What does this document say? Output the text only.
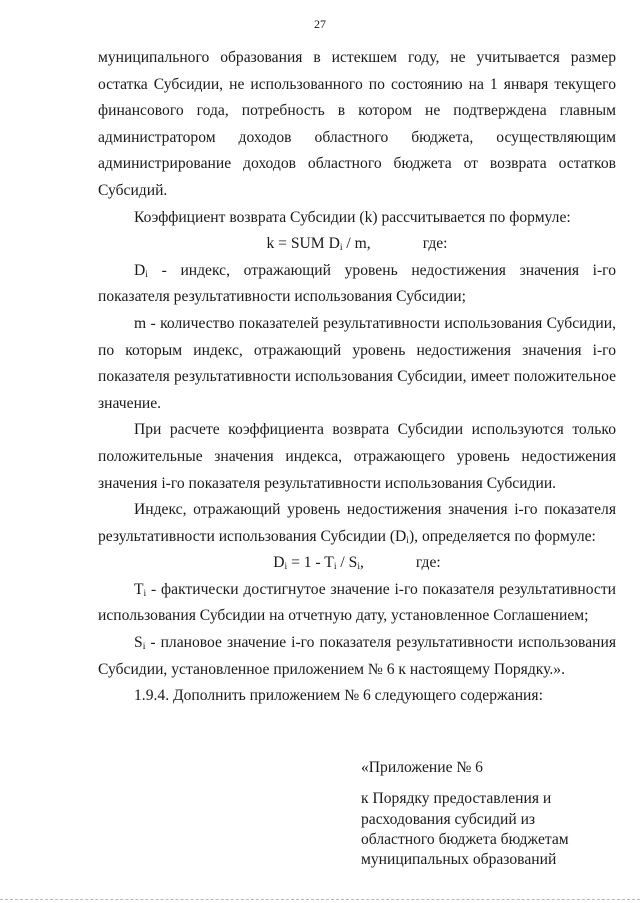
27

муниципального образования в истекшем году, не учитывается размер остатка Субсидии, не использованного по состоянию на 1 января текущего финансового года, потребность в котором не подтверждена главным администратором доходов областного бюджета, осуществляющим администрирование доходов областного бюджета от возврата остатков Субсидий.

Коэффициент возврата Субсидии (k) рассчитывается по формуле:

k = SUM $D_i$ / m,	где:

$D_i$ - индекс, отражающий уровень недостижения значения i-го показателя результативности использования Субсидии;

m - количество показателей результативности использования Субсидии, по которым индекс, отражающий уровень недостижения значения i-го показателя результативности использования Субсидии, имеет положительное значение.

При расчете коэффициента возврата Субсидии используются только положительные значения индекса, отражающего уровень недостижения значения i-го показателя результативности использования Субсидии.

Индекс, отражающий уровень недостижения значения i-го показателя результативности использования Субсидии $(D_i)$, определяется по формуле:

$D_i = 1 - T_i / S_i$,	где:

$T_i$ - фактически достигнутое значение i-го показателя результативности использования Субсидии на отчетную дату, установленное Соглашением;

$S_i$ - плановое значение i-го показателя результативности использования Субсидии, установленное приложением № 6 к настоящему Порядку.».

1.9.4. Дополнить приложением № 6 следующего содержания:

«Приложение № 6
к Порядку предоставления и
расходования субсидий из
областного бюджета бюджетам
муниципальных образований
